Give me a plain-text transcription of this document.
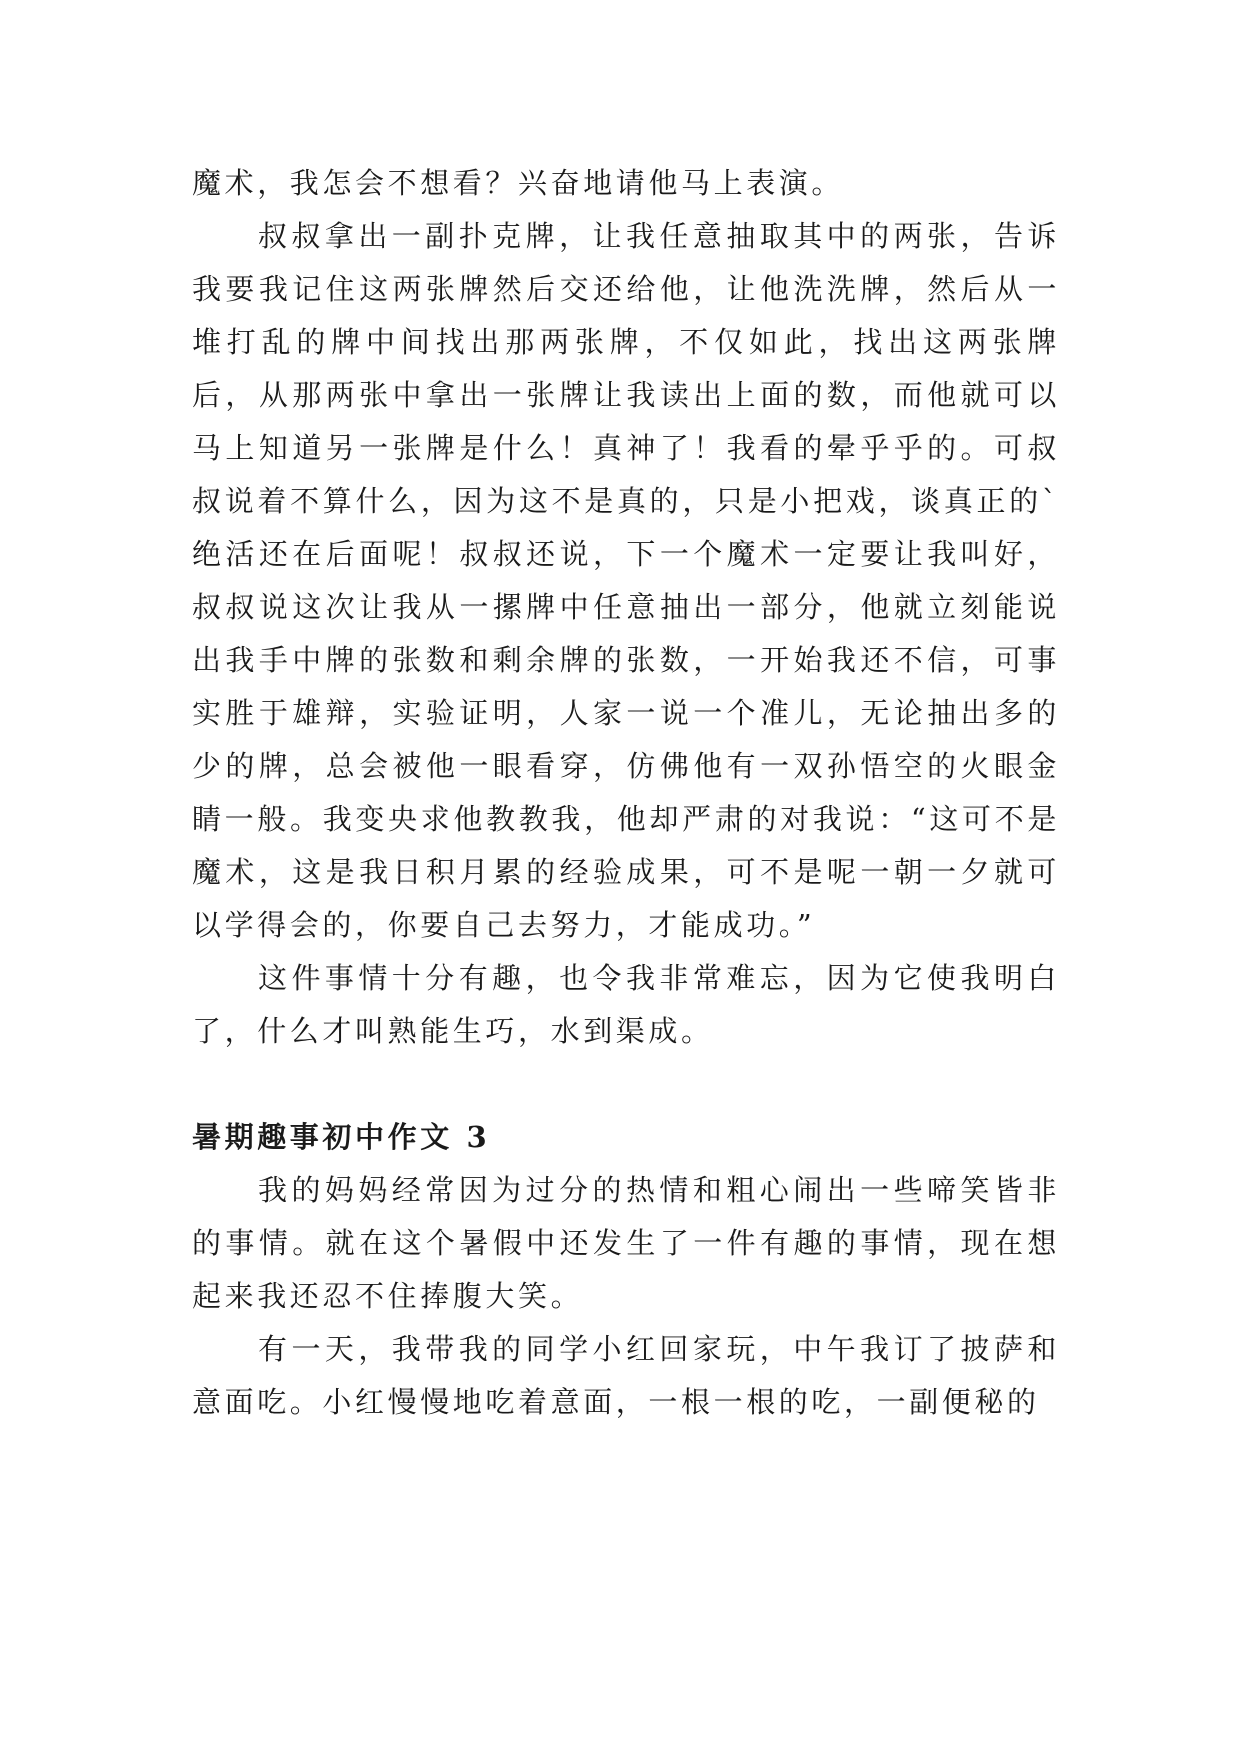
魔术，我怎会不想看？兴奋地请他马上表演。

叔叔拿出一副扑克牌，让我任意抽取其中的两张，告诉我要我记住这两张牌然后交还给他，让他洗洗牌，然后从一堆打乱的牌中间找出那两张牌，不仅如此，找出这两张牌后，从那两张中拿出一张牌让我读出上面的数，而他就可以马上知道另一张牌是什么！真神了！我看的晕乎乎的。可叔叔说着不算什么，因为这不是真的，只是小把戏，谈真正的`绝活还在后面呢！叔叔还说，下一个魔术一定要让我叫好，叔叔说这次让我从一摞牌中任意抽出一部分，他就立刻能说出我手中牌的张数和剩余牌的张数，一开始我还不信，可事实胜于雄辩，实验证明，人家一说一个准儿，无论抽出多的少的牌，总会被他一眼看穿，仿佛他有一双孙悟空的火眼金睛一般。我变央求他教教我，他却严肃的对我说：“这可不是魔术，这是我日积月累的经验成果，可不是呢一朝一夕就可以学得会的，你要自己去努力，才能成功。”

这件事情十分有趣，也令我非常难忘，因为它使我明白了，什么才叫熟能生巧，水到渠成。

暑期趣事初中作文 3

我的妈妈经常因为过分的热情和粗心闹出一些啼笑皆非的事情。就在这个暑假中还发生了一件有趣的事情，现在想起来我还忍不住捧腹大笑。

有一天，我带我的同学小红回家玩，中午我订了披萨和意面吃。小红慢慢地吃着意面，一根一根的吃，一副便秘的
